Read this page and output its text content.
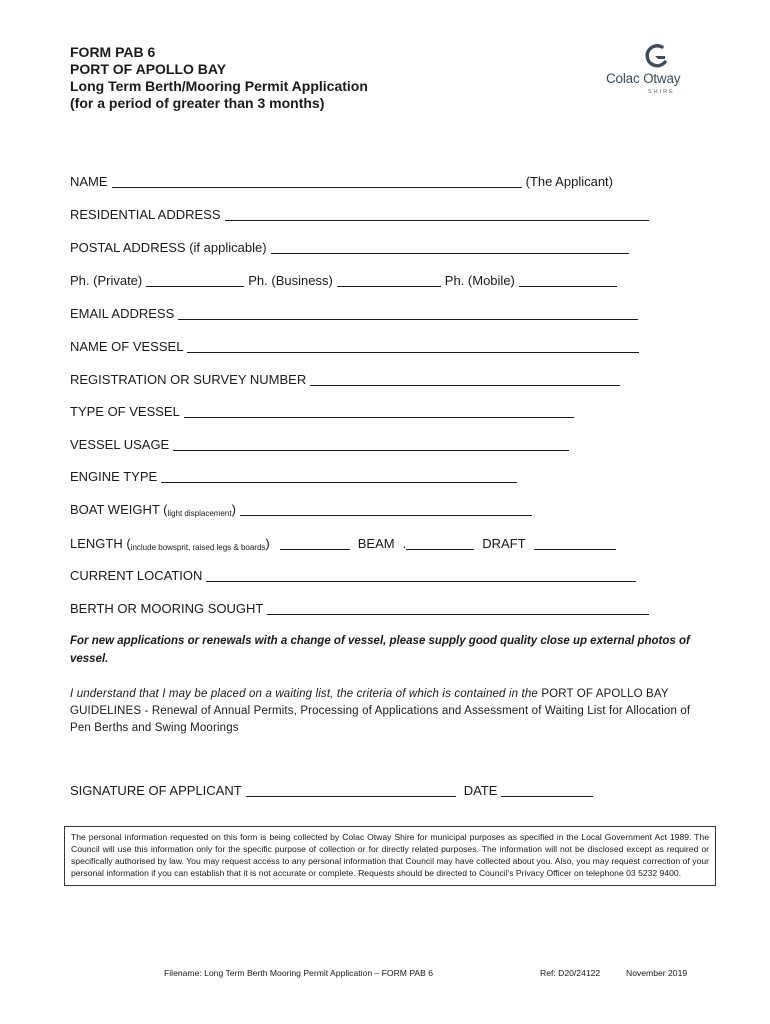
FORM PAB 6
PORT OF APOLLO BAY
Long Term Berth/Mooring Permit Application
(for a period of greater than 3 months)
Colac Otway
SHIRE
NAME	(The Applicant)
RESIDENTIAL ADDRESS
POSTAL ADDRESS (if applicable)
Ph. (Private)	Ph. (Business)	Ph. (Mobile)
EMAIL ADDRESS
NAME OF VESSEL
REGISTRATION OR SURVEY NUMBER
TYPE OF VESSEL
VESSEL USAGE
ENGINE TYPE
BOAT WEIGHT ( light displacement )
LENGTH ( include bowsprit, raised legs & boards )	BEAM .	DRAFT
CURRENT LOCATION
BERTH OR MOORING SOUGHT
For new applications or renewals with a change of vessel, please supply good quality close up external photos of vessel.
I understand that I may be placed on a waiting list, the criteria of which is contained in the PORT OF APOLLO BAY GUIDELINES - Renewal of Annual Permits, Processing of Applications and Assessment of Waiting List for Allocation of Pen Berths and Swing Moorings
SIGNATURE OF APPLICANT	DATE
The personal information requested on this form is being collected by Colac Otway Shire for municipal purposes as specified in the Local Government Act 1989. The Council will use this information only for the specific purpose of collection or for directly related purposes. The information will not be disclosed except as required or specifically authorised by law. You may request access to any personal information that Council may have collected about you. Also, you may request correction of your personal information if you can establish that it is not accurate or complete. Requests should be directed to Council's Privacy Officer on telephone 03 5232 9400.
Filename: Long Term Berth Mooring Permit Application – FORM PAB 6	Ref: D20/24122	November 2019
